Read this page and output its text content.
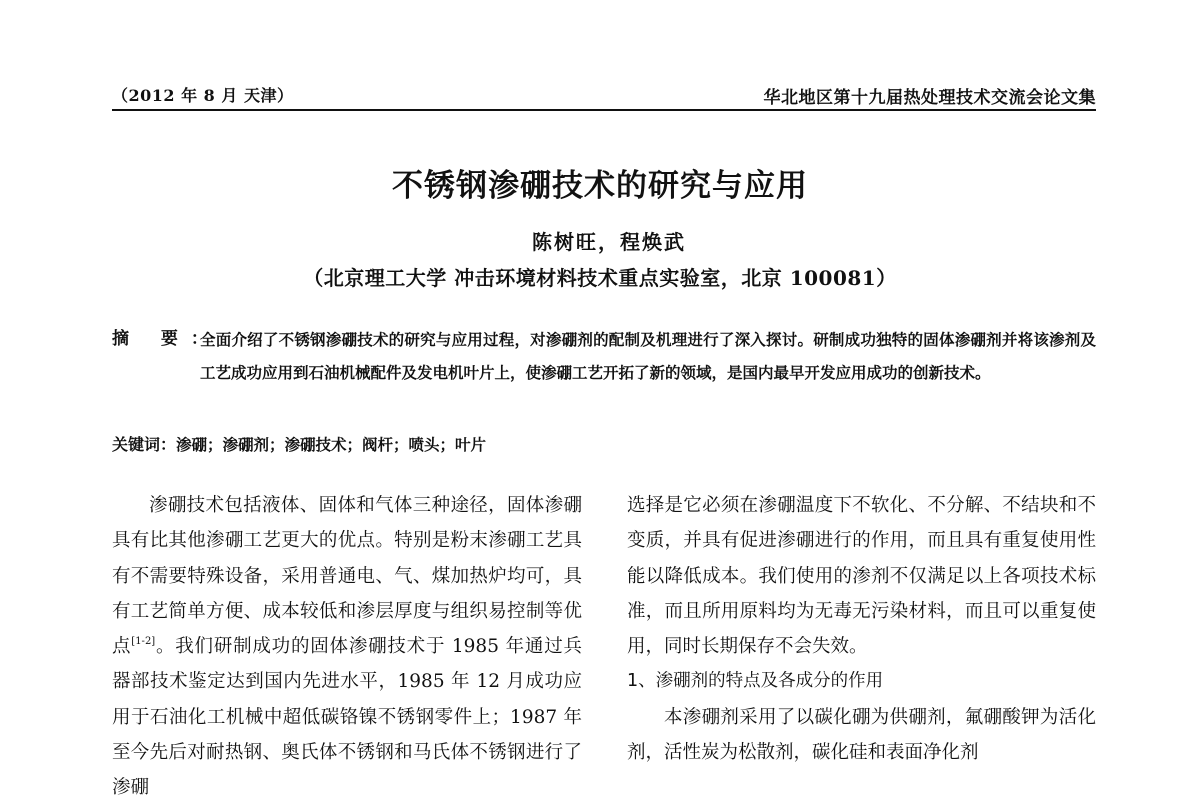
（2012 年 8 月 天津）	华北地区第十九届热处理技术交流会论文集
不锈钢渗硼技术的研究与应用
陈树旺，程焕武
（北京理工大学 冲击环境材料技术重点实验室，北京 100081）
摘 要：
全面介绍了不锈钢渗硼技术的研究与应用过程，对渗硼剂的配制及机理进行了深入探讨。研制成功独特的固体渗硼剂并将该渗剂及工艺成功应用到石油机械配件及发电机叶片上，使渗硼工艺开拓了新的领域，是国内最早开发应用成功的创新技术。
关键词：渗硼；渗硼剂；渗硼技术；阀杆；喷头；叶片

渗硼技术包括液体、固体和气体三种途径，固体渗硼具有比其他渗硼工艺更大的优点。特别是粉末渗硼工艺具有不需要特殊设备，采用普通电、气、煤加热炉均可，具有工艺简单方便、成本较低和渗层厚度与组织易控制等优点[1-2]。我们研制成功的固体渗硼技术于 1985 年通过兵器部技术鉴定达到国内先进水平，1985 年 12 月成功应用于石油化工机械中超低碳铬镍不锈钢零件上；1987 年至今先后对耐热钢、奥氏体不锈钢和马氏体不锈钢进行了渗硼

选择是它必须在渗硼温度下不软化、不分解、不结块和不变质，并具有促进渗硼进行的作用，而且具有重复使用性能以降低成本。我们使用的渗剂不仅满足以上各项技术标准，而且所用原料均为无毒无污染材料，而且可以重复使用，同时长期保存不会失效。

1、渗硼剂的特点及各成分的作用

本渗硼剂采用了以碳化硼为供硼剂，氟硼酸钾为活化剂，活性炭为松散剂，碳化硅和表面净化剂
